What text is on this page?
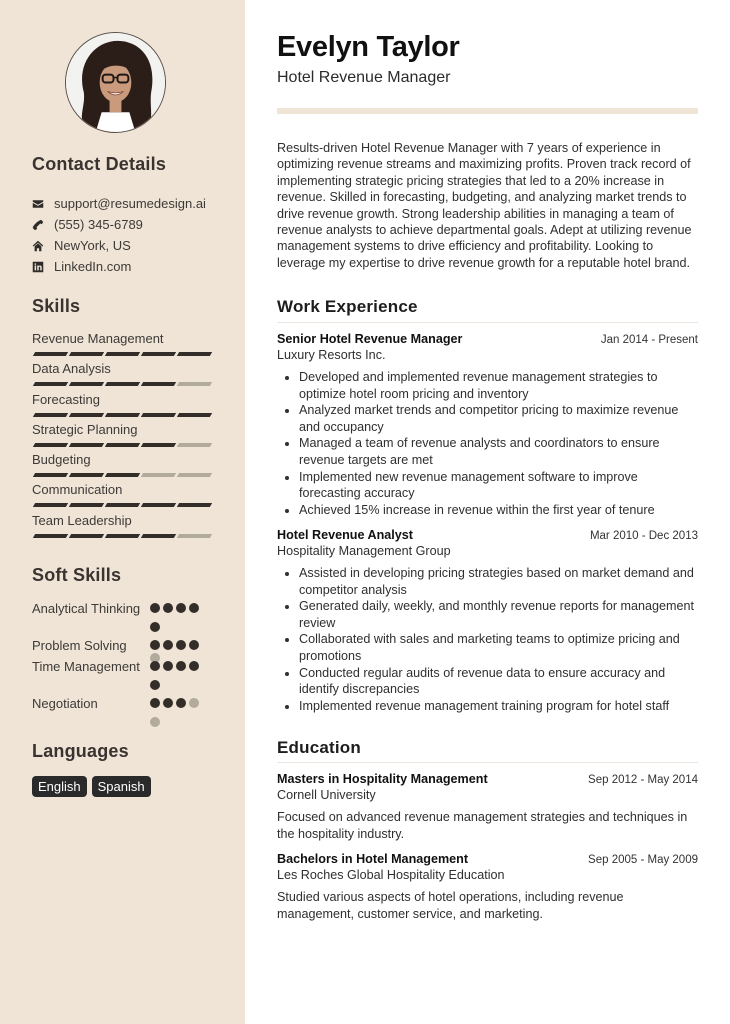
Contact Details
support@resumedesign.ai
(555) 345-6789
NewYork, US
LinkedIn.com
Skills
Revenue Management
Data Analysis
Forecasting
Strategic Planning
Budgeting
Communication
Team Leadership
Soft Skills
Analytical Thinking
Problem Solving
Time Management
Negotiation
Languages
English	Spanish
Evelyn Taylor
Hotel Revenue Manager

Results-driven Hotel Revenue Manager with 7 years of experience in optimizing revenue streams and maximizing profits. Proven track record of implementing strategic pricing strategies that led to a 20% increase in revenue. Skilled in forecasting, budgeting, and analyzing market trends to drive revenue growth. Strong leadership abilities in managing a team of revenue analysts to achieve departmental goals. Adept at utilizing revenue management systems to drive efficiency and profitability. Looking to leverage my expertise to drive revenue growth for a reputable hotel brand.

Work Experience
Senior Hotel Revenue Manager	Jan 2014 - Present
Luxury Resorts Inc.
• Developed and implemented revenue management strategies to optimize hotel room pricing and inventory
• Analyzed market trends and competitor pricing to maximize revenue and occupancy
• Managed a team of revenue analysts and coordinators to ensure revenue targets are met
• Implemented new revenue management software to improve forecasting accuracy
• Achieved 15% increase in revenue within the first year of tenure
Hotel Revenue Analyst	Mar 2010 - Dec 2013
Hospitality Management Group
• Assisted in developing pricing strategies based on market demand and competitor analysis
• Generated daily, weekly, and monthly revenue reports for management review
• Collaborated with sales and marketing teams to optimize pricing and promotions
• Conducted regular audits of revenue data to ensure accuracy and identify discrepancies
• Implemented revenue management training program for hotel staff
Education
Masters in Hospitality Management	Sep 2012 - May 2014
Cornell University

Focused on advanced revenue management strategies and techniques in the hospitality industry.

Bachelors in Hotel Management	Sep 2005 - May 2009
Les Roches Global Hospitality Education

Studied various aspects of hotel operations, including revenue management, customer service, and marketing.
